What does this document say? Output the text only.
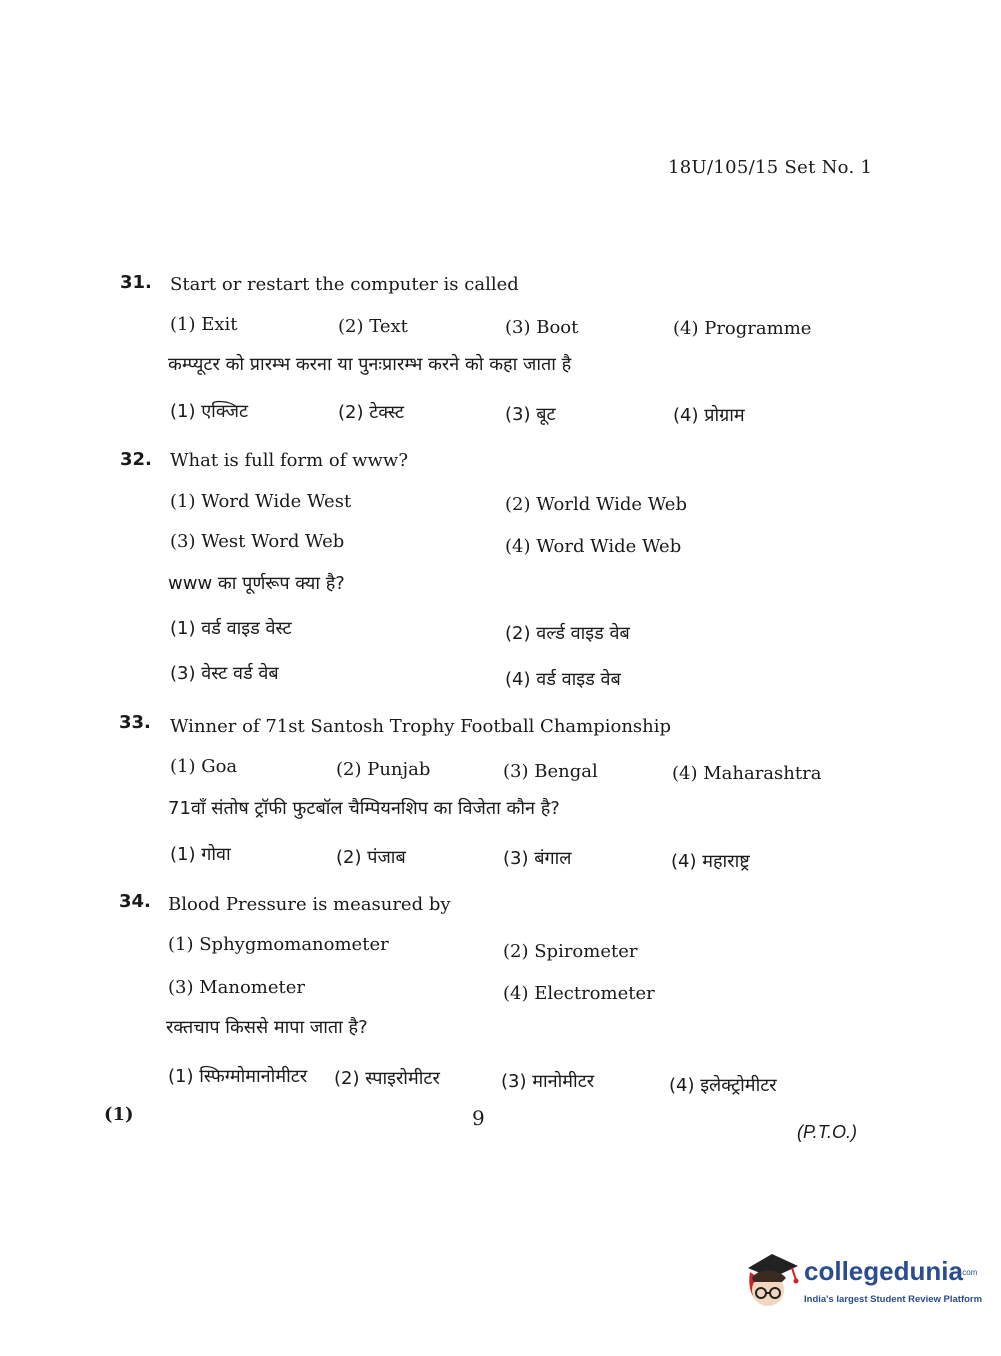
18U/105/15 Set No. 1
31. Start or restart the computer is called
(1) Exit	(2) Text	(3) Boot	(4) Programme
कम्प्यूटर को प्रारम्भ करना या पुनःप्रारम्भ करने को कहा जाता है
(1) एक्जिट	(2) टेक्स्ट	(3) बूट	(4) प्रोग्राम
32. What is full form of www?
(1) Word Wide West	(2) World Wide Web
(3) West Word Web	(4) Word Wide Web
www का पूर्णरूप क्या है?
(1) वर्ड वाइड वेस्ट	(2) वर्ल्ड वाइड वेब
(3) वेस्ट वर्ड वेब	(4) वर्ड वाइड वेब
33. Winner of 71st Santosh Trophy Football Championship
(1) Goa	(2) Punjab	(3) Bengal	(4) Maharashtra
71वाँ संतोष ट्रॉफी फुटबॉल चैम्पियनशिप का विजेता कौन है?
(1) गोवा	(2) पंजाब	(3) बंगाल	(4) महाराष्ट्र
34. Blood Pressure is measured by
(1) Sphygmomanometer	(2) Spirometer
(3) Manometer	(4) Electrometer
रक्तचाप किससे मापा जाता है?
(1) स्फिग्मोमानोमीटर (2) स्पाइरोमीटर	(3) मानोमीटर	(4) इलेक्ट्रोमीटर
(1)	9
(P.T.O.)
collegedunia
.com
India's largest Student Review Platform
